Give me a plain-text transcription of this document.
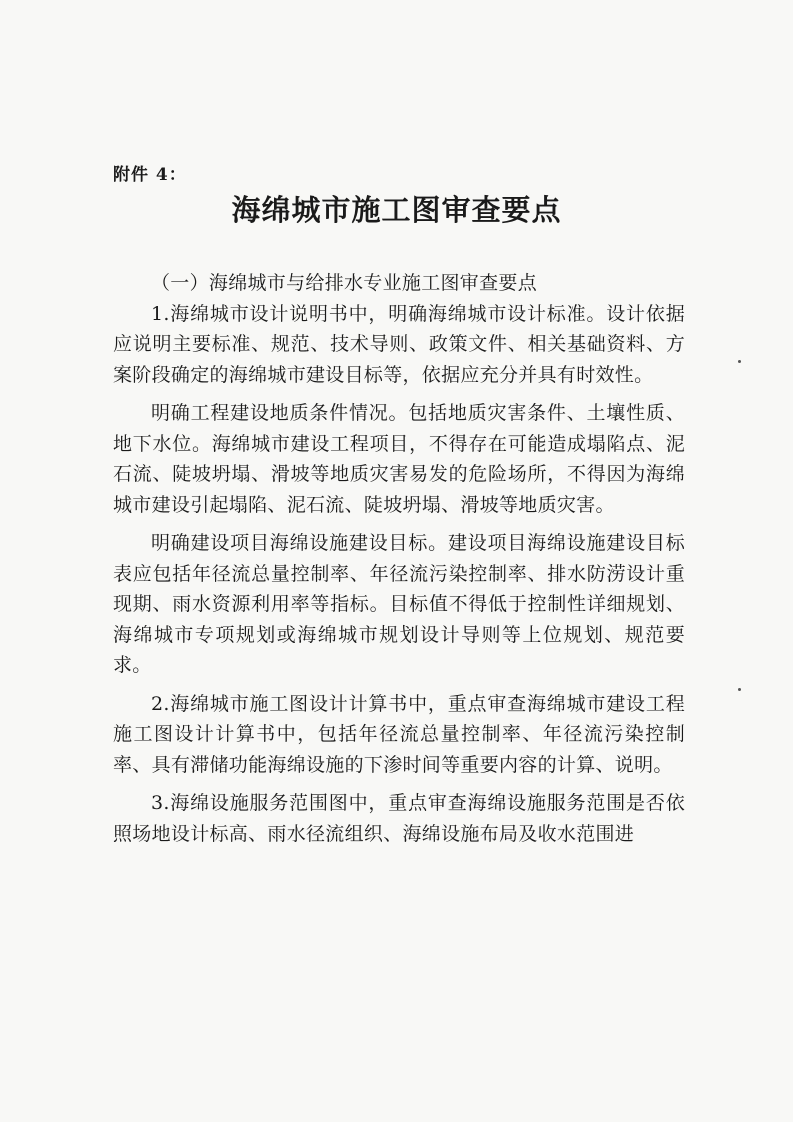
附件 4：
海绵城市施工图审查要点

（一）海绵城市与给排水专业施工图审查要点

1.海绵城市设计说明书中，明确海绵城市设计标准。设计依据应说明主要标准、规范、技术导则、政策文件、相关基础资料、方案阶段确定的海绵城市建设目标等，依据应充分并具有时效性。

明确工程建设地质条件情况。包括地质灾害条件、土壤性质、地下水位。海绵城市建设工程项目，不得存在可能造成塌陷点、泥石流、陡坡坍塌、滑坡等地质灾害易发的危险场所，不得因为海绵城市建设引起塌陷、泥石流、陡坡坍塌、滑坡等地质灾害。

明确建设项目海绵设施建设目标。建设项目海绵设施建设目标表应包括年径流总量控制率、年径流污染控制率、排水防涝设计重现期、雨水资源利用率等指标。目标值不得低于控制性详细规划、海绵城市专项规划或海绵城市规划设计导则等上位规划、规范要求。

2.海绵城市施工图设计计算书中，重点审查海绵城市建设工程施工图设计计算书中，包括年径流总量控制率、年径流污染控制率、具有滞储功能海绵设施的下渗时间等重要内容的计算、说明。

3.海绵设施服务范围图中，重点审查海绵设施服务范围是否依照场地设计标高、雨水径流组织、海绵设施布局及收水范围进
